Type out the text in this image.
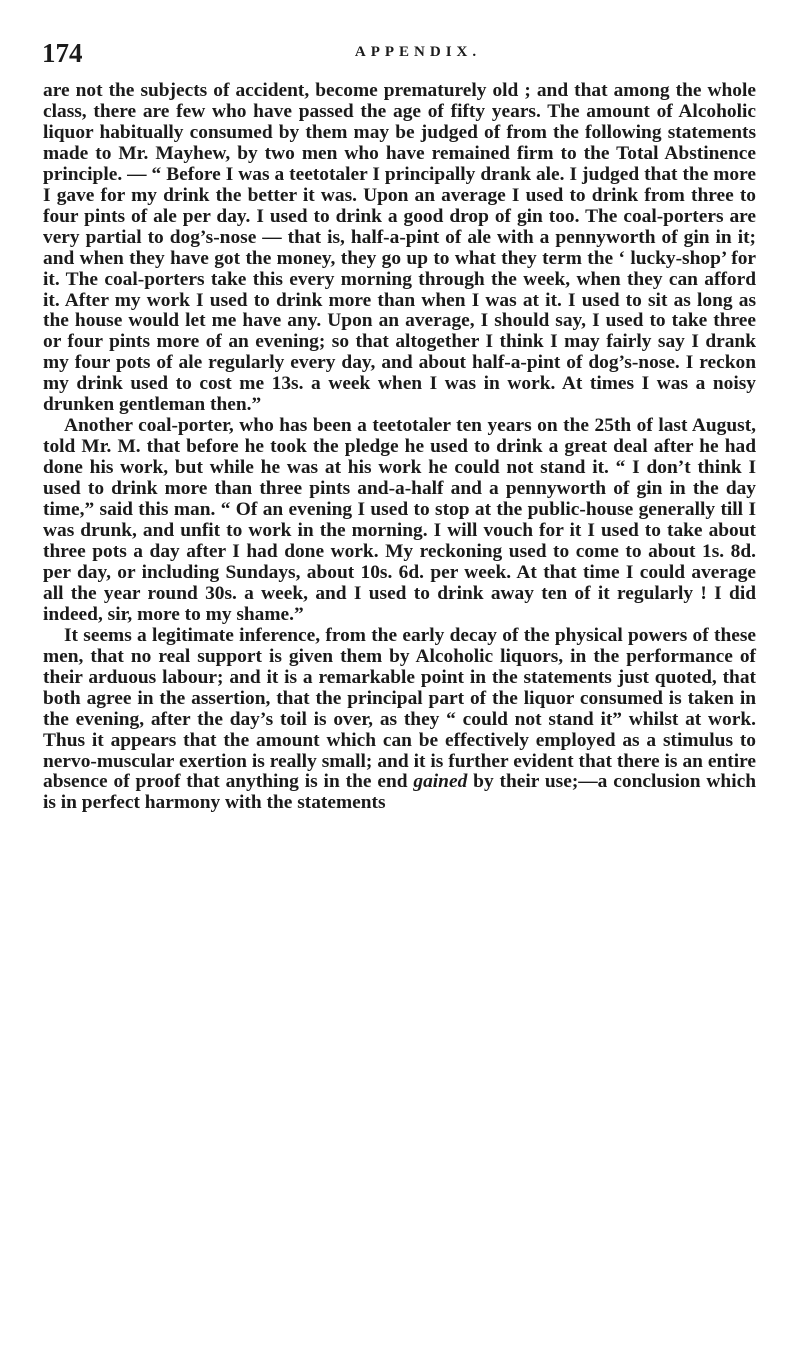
174	APPENDIX.

are not the subjects of accident, become prematurely old ; and that among the whole class, there are few who have passed the age of fifty years. The amount of Alcoholic liquor habitually consumed by them may be judged of from the following statements made to Mr. Mayhew, by two men who have remained firm to the Total Abstinence principle. — “ Before I was a teetotaler I principally drank ale. I judged that the more I gave for my drink the better it was. Upon an average I used to drink from three to four pints of ale per day. I used to drink a good drop of gin too. The coal-porters are very partial to dog’s-nose — that is, half-a-pint of ale with a pennyworth of gin in it; and when they have got the money, they go up to what they term the ‘ lucky-shop’ for it. The coal-porters take this every morning through the week, when they can afford it. After my work I used to drink more than when I was at it. I used to sit as long as the house would let me have any. Upon an average, I should say, I used to take three or four pints more of an evening; so that altogether I think I may fairly say I drank my four pots of ale regularly every day, and about half-a-pint of dog’s-nose. I reckon my drink used to cost me 13s. a week when I was in work. At times I was a noisy drunken gentleman then.”

Another coal-porter, who has been a teetotaler ten years on the 25th of last August, told Mr. M. that before he took the pledge he used to drink a great deal after he had done his work, but while he was at his work he could not stand it. “ I don’t think I used to drink more than three pints and-a-half and a pennyworth of gin in the day time,” said this man. “ Of an evening I used to stop at the public-house generally till I was drunk, and unfit to work in the morning. I will vouch for it I used to take about three pots a day after I had done work. My reckoning used to come to about 1s. 8d. per day, or including Sundays, about 10s. 6d. per week. At that time I could average all the year round 30s. a week, and I used to drink away ten of it regularly ! I did indeed, sir, more to my shame.”

It seems a legitimate inference, from the early decay of the physical powers of these men, that no real support is given them by Alcoholic liquors, in the performance of their arduous labour; and it is a remarkable point in the statements just quoted, that both agree in the assertion, that the principal part of the liquor consumed is taken in the evening, after the day’s toil is over, as they “ could not stand it” whilst at work. Thus it appears that the amount which can be effectively employed as a stimulus to nervo-muscular exertion is really small; and it is further evident that there is an entire absence of proof that anything is in the end gained by their use;—a conclusion which is in perfect harmony with the statements
